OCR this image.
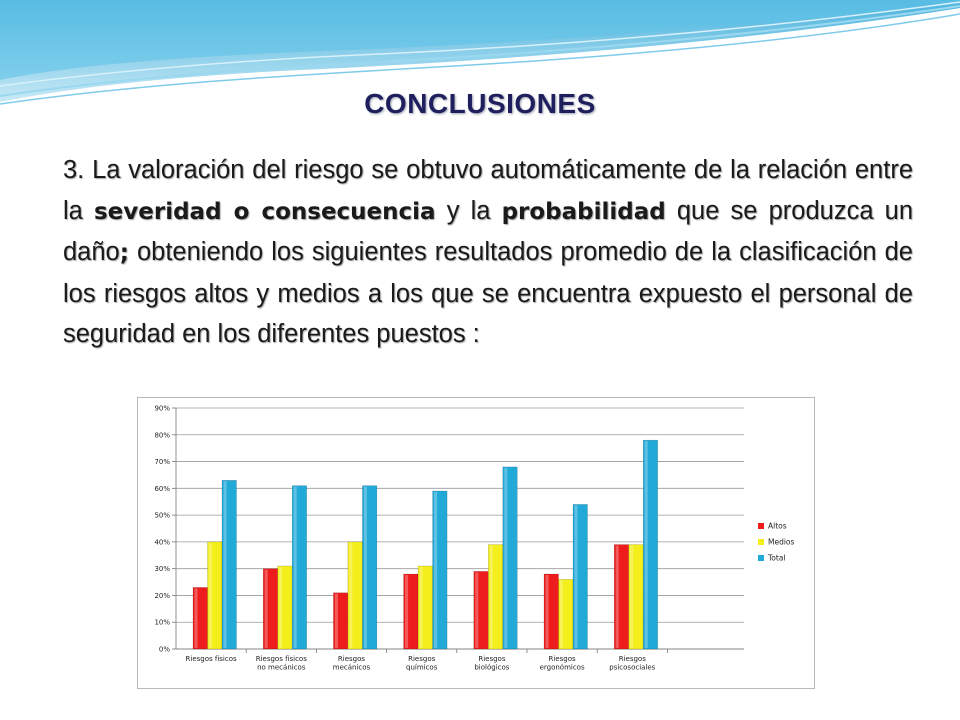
CONCLUSIONES
3. La valoración del riesgo se obtuvo automáticamente de la relación entre la severidad o consecuencia y la probabilidad que se produzca un daño; obteniendo los siguientes resultados promedio de la clasificación de los riesgos altos y medios a los que se encuentra expuesto el personal de seguridad en los diferentes puestos :
0%
10%
20%
30%
40%
50%
60%
70%
80%
90%
Riesgos físicos	Riesgos físicos
no mecánicos
Riesgos
mecánicos
Riesgos
químicos
Riesgos
biológicos
Riesgos
ergonómicos
Riesgos
psicosociales
Altos
Medios
Total
